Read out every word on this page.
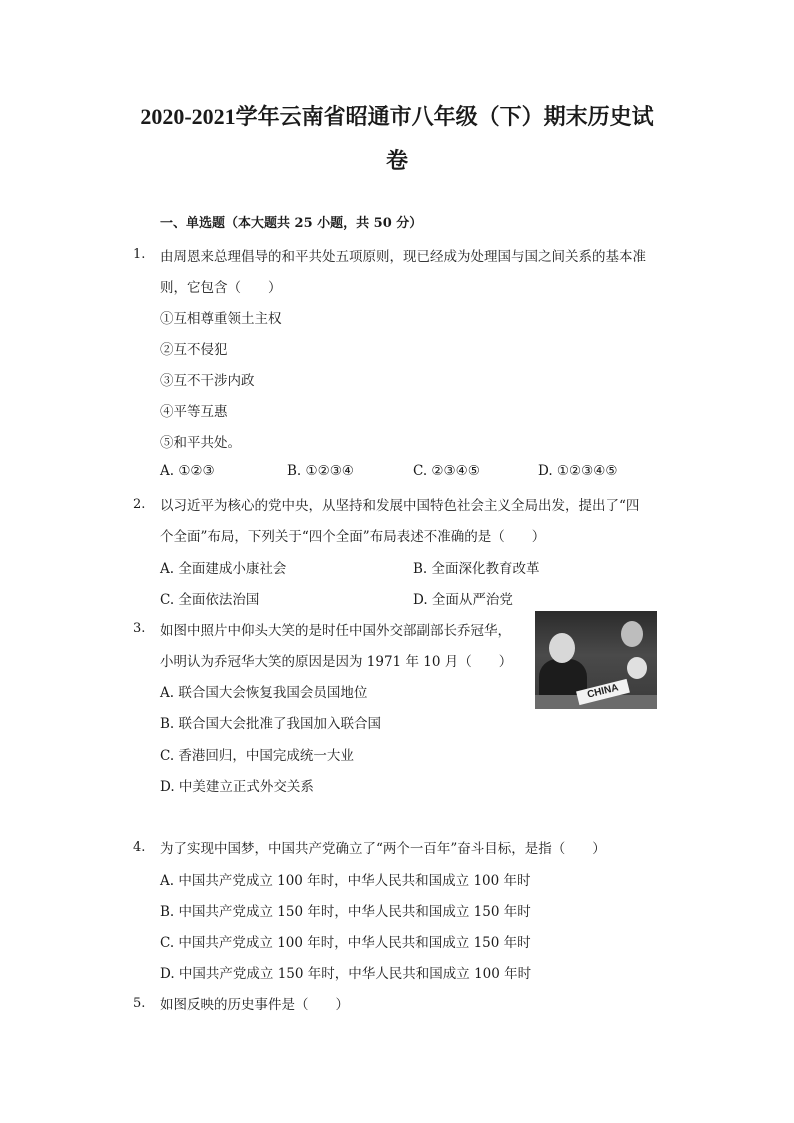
2020-2021学年云南省昭通市八年级（下）期末历史试
卷
一、单选题（本大题共 25 小题，共 50 分）
1. 由周恩来总理倡导的和平共处五项原则，现已经成为处理国与国之间关系的基本准
则，它包含（　　）
①互相尊重领土主权
②互不侵犯
③互不干涉内政
④平等互惠
⑤和平共处。
A. ①②③	B. ①②③④	C. ②③④⑤	D. ①②③④⑤
2. 以习近平为核心的党中央，从坚持和发展中国特色社会主义全局出发，提出了“四
个全面”布局，下列关于“四个全面”布局表述不准确的是（　　）
A. 全面建成小康社会	B. 全面深化教育改革
C. 全面依法治国	D. 全面从严治党
3. 如图中照片中仰头大笑的是时任中国外交部副部长乔冠华，
小明认为乔冠华大笑的原因是因为 1971 年 10 月（　　）
A. 联合国大会恢复我国会员国地位
B. 联合国大会批准了我国加入联合国
C. 香港回归，中国完成统一大业
D. 中美建立正式外交关系
CHINA
4. 为了实现中国梦，中国共产党确立了“两个一百年”奋斗目标，是指（　　）
A. 中国共产党成立 100 年时，中华人民共和国成立 100 年时
B. 中国共产党成立 150 年时，中华人民共和国成立 150 年时
C. 中国共产党成立 100 年时，中华人民共和国成立 150 年时
D. 中国共产党成立 150 年时，中华人民共和国成立 100 年时
5. 如图反映的历史事件是（　　）
